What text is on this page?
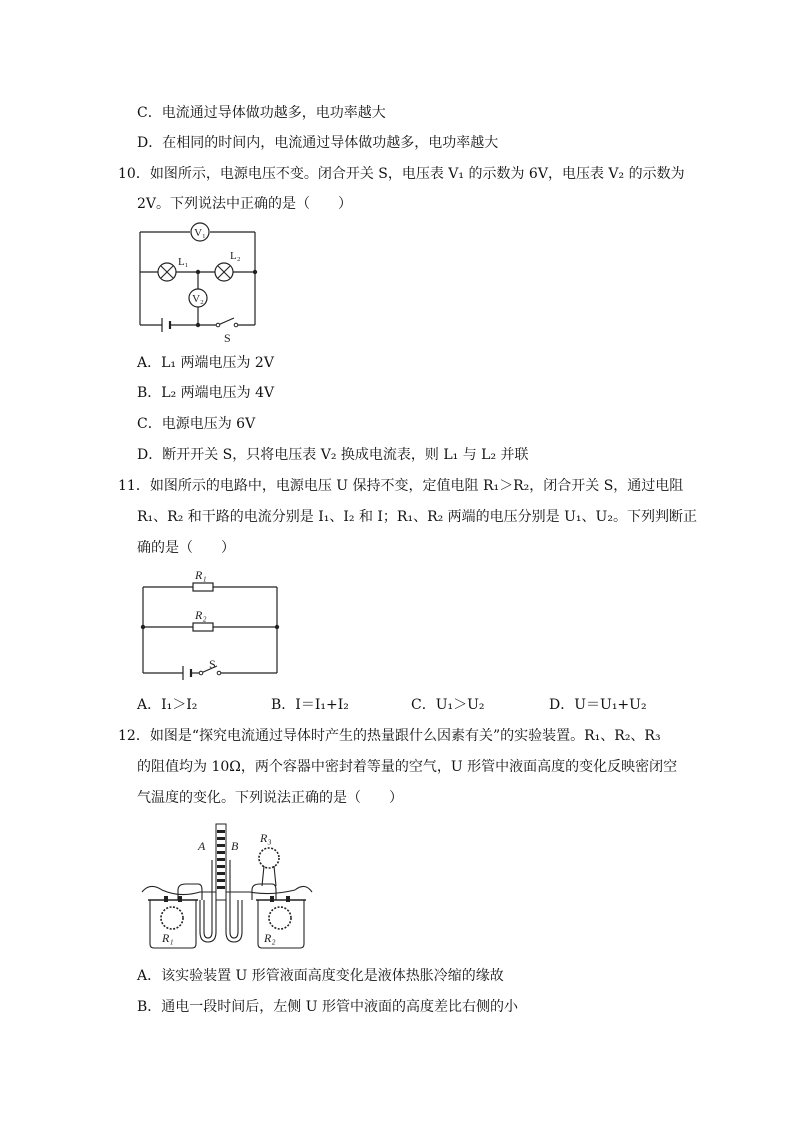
C．电流通过导体做功越多，电功率越大
D．在相同的时间内，电流通过导体做功越多，电功率越大
10．如图所示，电源电压不变。闭合开关 S，电压表 V₁ 的示数为 6V，电压表 V₂ 的示数为
2V。下列说法中正确的是（　　）
V₁
L₁	L₂
V₂
S
A．L₁ 两端电压为 2V
B．L₂ 两端电压为 4V
C．电源电压为 6V
D．断开开关 S，只将电压表 V₂ 换成电流表，则 L₁ 与 L₂ 并联
11．如图所示的电路中，电源电压 U 保持不变，定值电阻 R₁＞R₂，闭合开关 S，通过电阻
R₁、R₂ 和干路的电流分别是 I₁、I₂ 和 I；R₁、R₂ 两端的电压分别是 U₁、U₂。下列判断正
确的是（　　）
R₁
R₂
S
A．I₁＞I₂	B．I＝I₁+I₂	C．U₁＞U₂	D．U＝U₁+U₂
12．如图是“探究电流通过导体时产生的热量跟什么因素有关”的实验装置。R₁、R₂、R₃
的阻值均为 10Ω，两个容器中密封着等量的空气，U 形管中液面高度的变化反映密闭空
气温度的变化。下列说法正确的是（　　）
A B
R₃
R₁	R₂
A．该实验装置 U 形管液面高度变化是液体热胀冷缩的缘故
B．通电一段时间后，左侧 U 形管中液面的高度差比右侧的小
